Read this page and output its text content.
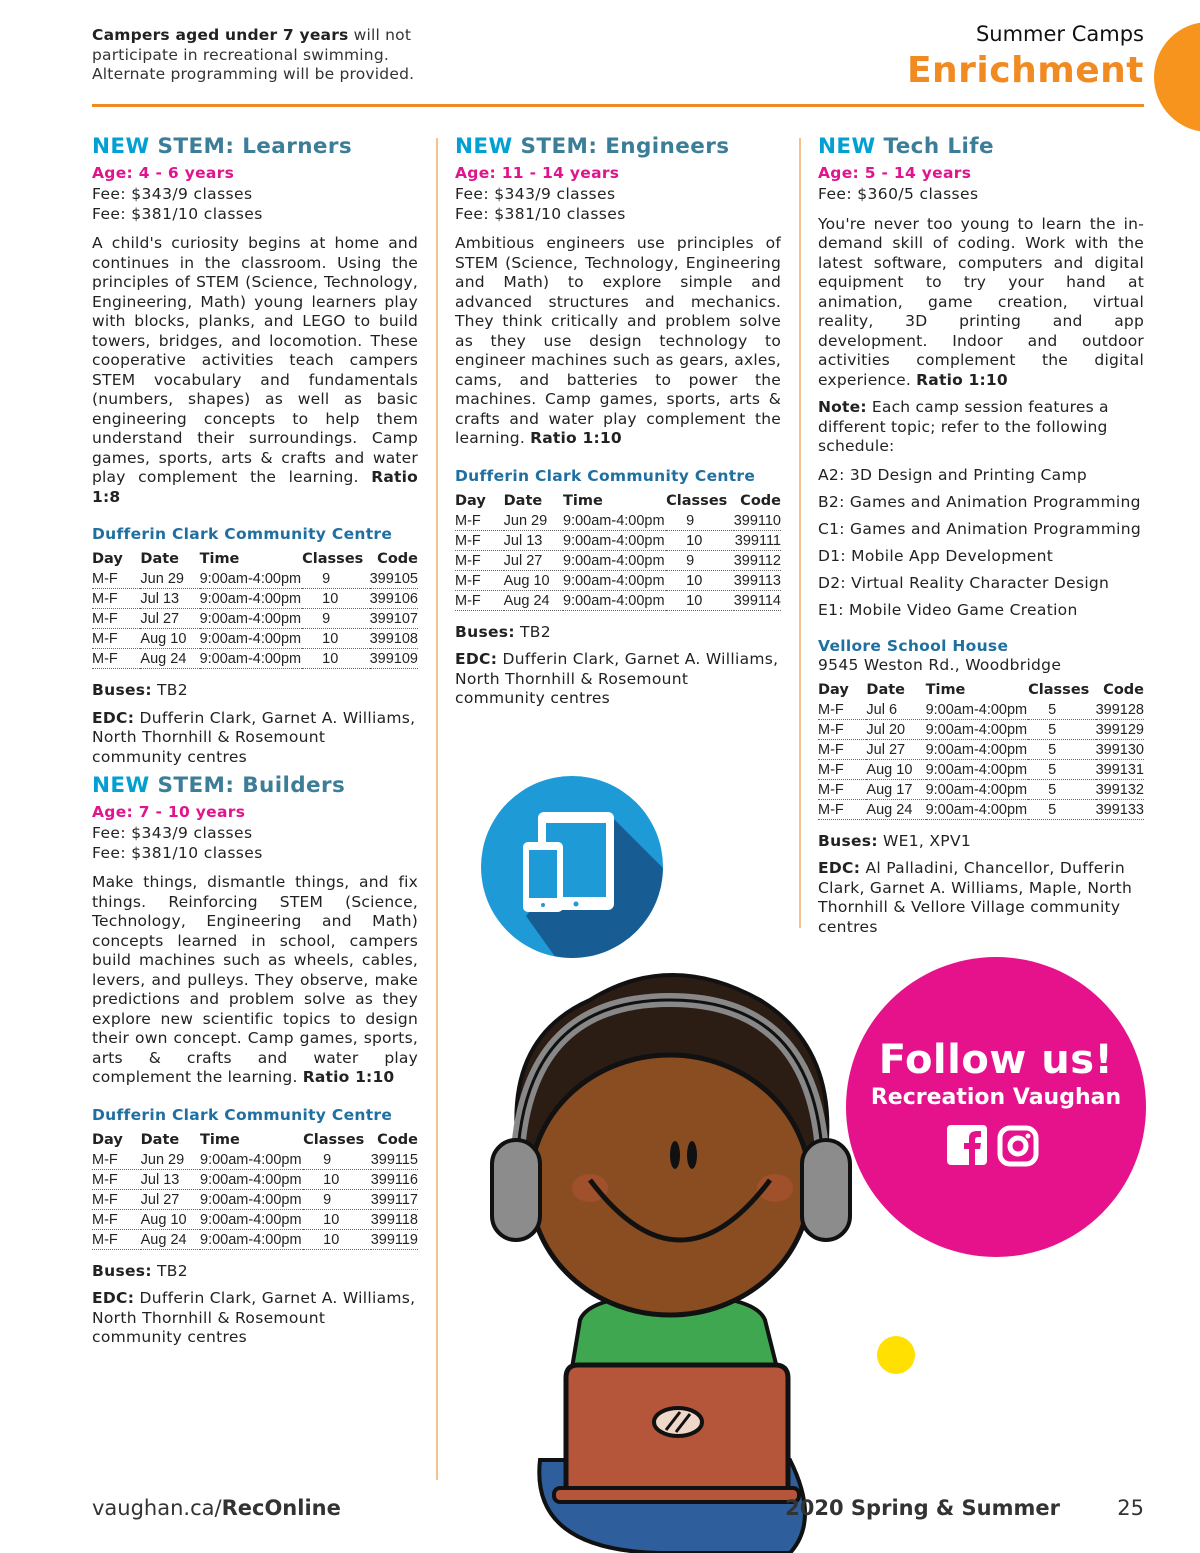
Campers aged under 7 years will not participate in recreational swimming. Alternate programming will be provided.
Summer Camps
Enrichment
NEW STEM: Learners
Age: 4 - 6 years
Fee: $343/9 classes
Fee: $381/10 classes
A child's curiosity begins at home and continues in the classroom. Using the principles of STEM (Science, Technology, Engineering, Math) young learners play with blocks, planks, and LEGO to build towers, bridges, and locomotion. These cooperative activities teach campers STEM vocabulary and fundamentals (numbers, shapes) as well as basic engineering concepts to help them understand their surroundings. Camp games, sports, arts & crafts and water play complement the learning. Ratio 1:8
Dufferin Clark Community Centre
Day	Date	Time	Classes	Code
M-F	Jun 29	9:00am-4:00pm	9	399105
M-F	Jul 13	9:00am-4:00pm	10	399106
M-F	Jul 27	9:00am-4:00pm	9	399107
M-F	Aug 10	9:00am-4:00pm	10	399108
M-F	Aug 24	9:00am-4:00pm	10	399109
Buses: TB2
EDC: Dufferin Clark, Garnet A. Williams, North Thornhill & Rosemount community centres
NEW STEM: Builders
Age: 7 - 10 years
Fee: $343/9 classes
Fee: $381/10 classes
Make things, dismantle things, and fix things. Reinforcing STEM (Science, Technology, Engineering and Math) concepts learned in school, campers build machines such as wheels, cables, levers, and pulleys. They observe, make predictions and problem solve as they explore new scientific topics to design their own concept. Camp games, sports, arts & crafts and water play complement the learning. Ratio 1:10
Dufferin Clark Community Centre
Day	Date	Time	Classes	Code
M-F	Jun 29	9:00am-4:00pm	9	399115
M-F	Jul 13	9:00am-4:00pm	10	399116
M-F	Jul 27	9:00am-4:00pm	9	399117
M-F	Aug 10	9:00am-4:00pm	10	399118
M-F	Aug 24	9:00am-4:00pm	10	399119
Buses: TB2
EDC: Dufferin Clark, Garnet A. Williams, North Thornhill & Rosemount community centres
NEW STEM: Engineers
Age: 11 - 14 years
Fee: $343/9 classes
Fee: $381/10 classes
Ambitious engineers use principles of STEM (Science, Technology, Engineering and Math) to explore simple and advanced structures and mechanics. They think critically and problem solve as they use design technology to engineer machines such as gears, axles, cams, and batteries to power the machines. Camp games, sports, arts & crafts and water play complement the learning. Ratio 1:10
Dufferin Clark Community Centre
Day	Date	Time	Classes	Code
M-F	Jun 29	9:00am-4:00pm	9	399110
M-F	Jul 13	9:00am-4:00pm	10	399111
M-F	Jul 27	9:00am-4:00pm	9	399112
M-F	Aug 10	9:00am-4:00pm	10	399113
M-F	Aug 24	9:00am-4:00pm	10	399114
Buses: TB2
EDC: Dufferin Clark, Garnet A. Williams, North Thornhill & Rosemount community centres
NEW Tech Life
Age: 5 - 14 years
Fee: $360/5 classes
You're never too young to learn the in-demand skill of coding. Work with the latest software, computers and digital equipment to try your hand at animation, game creation, virtual reality, 3D printing and app development. Indoor and outdoor activities complement the digital experience. Ratio 1:10
Note: Each camp session features a different topic; refer to the following schedule:
A2: 3D Design and Printing Camp
B2: Games and Animation Programming
C1: Games and Animation Programming
D1: Mobile App Development
D2: Virtual Reality Character Design
E1: Mobile Video Game Creation
Vellore School House
9545 Weston Rd., Woodbridge
Day	Date	Time	Classes	Code
M-F	Jul 6	9:00am-4:00pm	5	399128
M-F	Jul 20	9:00am-4:00pm	5	399129
M-F	Jul 27	9:00am-4:00pm	5	399130
M-F	Aug 10	9:00am-4:00pm	5	399131
M-F	Aug 17	9:00am-4:00pm	5	399132
M-F	Aug 24	9:00am-4:00pm	5	399133
Buses: WE1, XPV1
EDC: Al Palladini, Chancellor, Dufferin Clark, Garnet A. Williams, Maple, North Thornhill & Vellore Village community centres
Follow us!
Recreation Vaughan
vaughan.ca/RecOnline	2020 Spring & Summer	25
